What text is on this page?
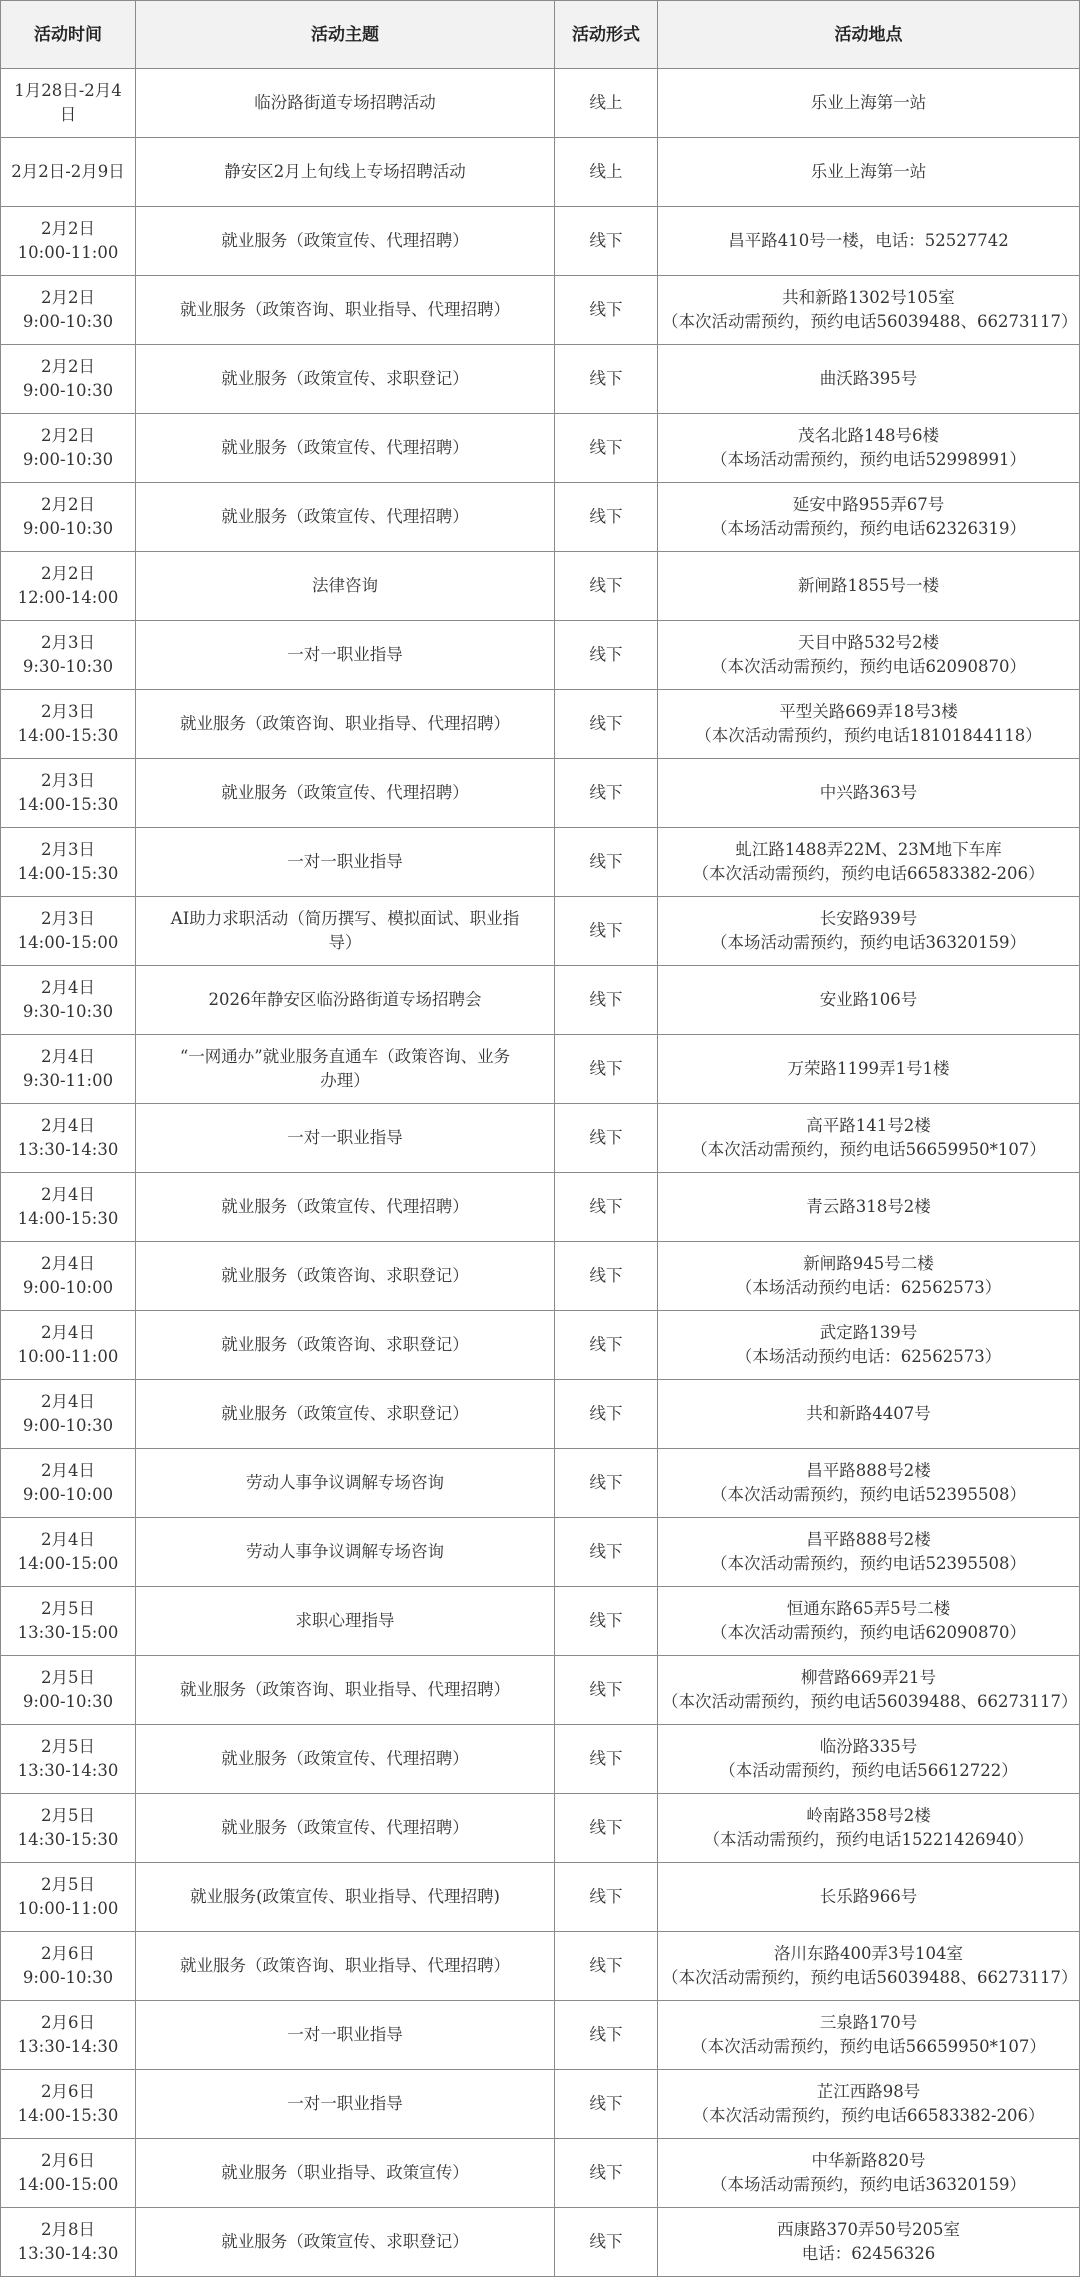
活动时间	活动主题	活动形式	活动地点

1月28日-2月4
日	临汾路街道专场招聘活动	线上	乐业上海第一站

2月2日-2月9日	静安区2月上旬线上专场招聘活动	线上	乐业上海第一站

2月2日
10:00-11:00	就业服务（政策宣传、代理招聘）	线下	昌平路410号一楼，电话：52527742

2月2日
9:00-10:30	就业服务（政策咨询、职业指导、代理招聘）	线下	共和新路1302号105室
（本次活动需预约，预约电话56039488、66273117）

2月2日
9:00-10:30	就业服务（政策宣传、求职登记）	线下	曲沃路395号

2月2日
9:00-10:30	就业服务（政策宣传、代理招聘）	线下	茂名北路148号6楼
（本场活动需预约，预约电话52998991）

2月2日
9:00-10:30	就业服务（政策宣传、代理招聘）	线下	延安中路955弄67号
（本场活动需预约，预约电话62326319）

2月2日
12:00-14:00	法律咨询	线下	新闸路1855号一楼

2月3日
9:30-10:30	一对一职业指导	线下	天目中路532号2楼
（本次活动需预约，预约电话62090870）

2月3日
14:00-15:30	就业服务（政策咨询、职业指导、代理招聘）	线下	平型关路669弄18号3楼
（本次活动需预约，预约电话18101844118）

2月3日
14:00-15:30	就业服务（政策宣传、代理招聘）	线下	中兴路363号

2月3日
14:00-15:30	一对一职业指导	线下	虬江路1488弄22M、23M地下车库
（本次活动需预约，预约电话66583382-206）

2月3日
14:00-15:00	AI助力求职活动（简历撰写、模拟面试、职业指
导）	线下	长安路939号
（本场活动需预约，预约电话36320159）

2月4日
9:30-10:30	2026年静安区临汾路街道专场招聘会	线下	安业路106号

2月4日
9:30-11:00	“一网通办”就业服务直通车（政策咨询、业务
办理）	线下	万荣路1199弄1号1楼

2月4日
13:30-14:30	一对一职业指导	线下	高平路141号2楼
（本次活动需预约，预约电话56659950*107）

2月4日
14:00-15:30	就业服务（政策宣传、代理招聘）	线下	青云路318号2楼

2月4日
9:00-10:00	就业服务（政策咨询、求职登记）	线下	新闸路945号二楼
（本场活动预约电话：62562573）

2月4日
10:00-11:00	就业服务（政策咨询、求职登记）	线下	武定路139号
（本场活动预约电话：62562573）

2月4日
9:00-10:30	就业服务（政策宣传、求职登记）	线下	共和新路4407号

2月4日
9:00-10:00	劳动人事争议调解专场咨询	线下	昌平路888号2楼
（本次活动需预约，预约电话52395508）

2月4日
14:00-15:00	劳动人事争议调解专场咨询	线下	昌平路888号2楼
（本次活动需预约，预约电话52395508）

2月5日
13:30-15:00	求职心理指导	线下	恒通东路65弄5号二楼
（本次活动需预约，预约电话62090870）

2月5日
9:00-10:30	就业服务（政策咨询、职业指导、代理招聘）	线下	柳营路669弄21号
（本次活动需预约，预约电话56039488、66273117）

2月5日
13:30-14:30	就业服务（政策宣传、代理招聘）	线下	临汾路335号
（本活动需预约，预约电话56612722）

2月5日
14:30-15:30	就业服务（政策宣传、代理招聘）	线下	岭南路358号2楼
（本活动需预约，预约电话15221426940）

2月5日
10:00-11:00	就业服务(政策宣传、职业指导、代理招聘)	线下	长乐路966号

2月6日
9:00-10:30	就业服务（政策咨询、职业指导、代理招聘）	线下	洛川东路400弄3号104室
（本次活动需预约，预约电话56039488、66273117）

2月6日
13:30-14:30	一对一职业指导	线下	三泉路170号
（本次活动需预约，预约电话56659950*107）

2月6日
14:00-15:30	一对一职业指导	线下	芷江西路98号
（本次活动需预约，预约电话66583382-206）

2月6日
14:00-15:00	就业服务（职业指导、政策宣传）	线下	中华新路820号
（本场活动需预约，预约电话36320159）

2月8日
13:30-14:30	就业服务（政策宣传、求职登记）	线下	西康路370弄50号205室
电话：62456326
